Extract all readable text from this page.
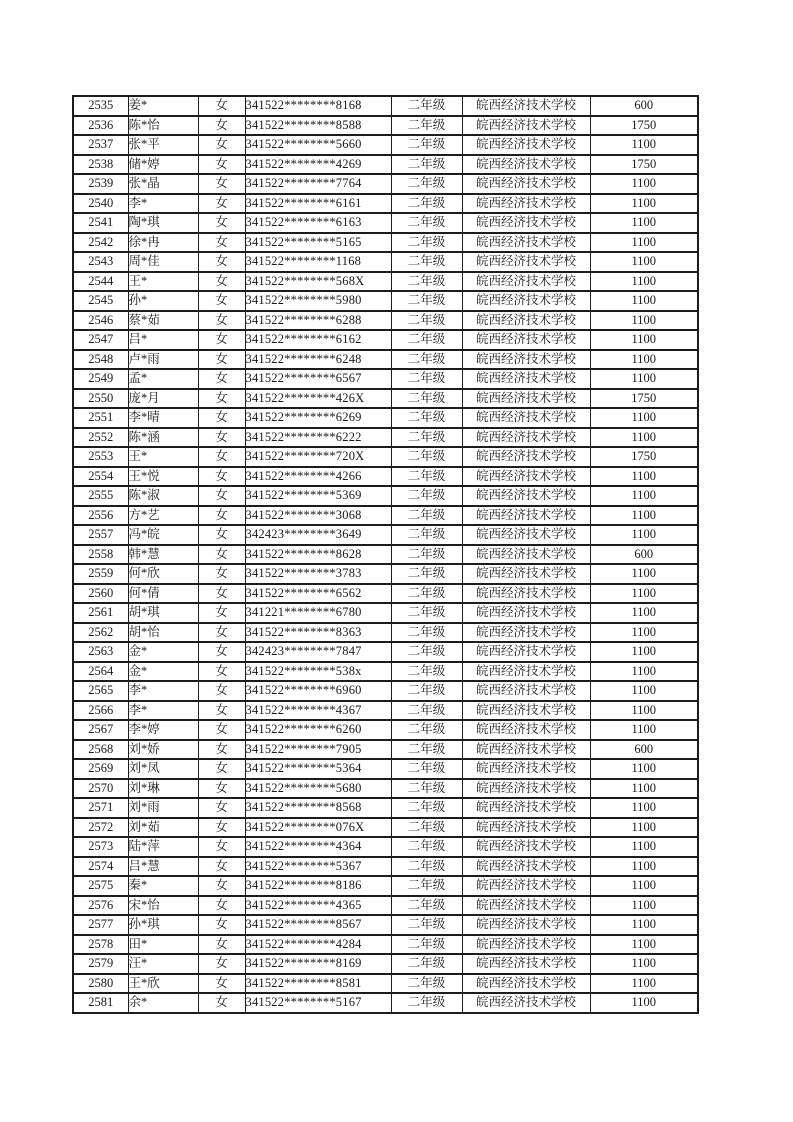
2535	姜*	女	341522********8168	二年级	皖西经济技术学校	600
2536	陈*怡	女	341522********8588	二年级	皖西经济技术学校	1750
2537	张*平	女	341522********5660	二年级	皖西经济技术学校	1100
2538	储*婷	女	341522********4269	二年级	皖西经济技术学校	1750
2539	张*晶	女	341522********7764	二年级	皖西经济技术学校	1100
2540	李*	女	341522********6161	二年级	皖西经济技术学校	1100
2541	陶*琪	女	341522********6163	二年级	皖西经济技术学校	1100
2542	徐*冉	女	341522********5165	二年级	皖西经济技术学校	1100
2543	周*佳	女	341522********1168	二年级	皖西经济技术学校	1100
2544	王*	女	341522********568X	二年级	皖西经济技术学校	1100
2545	孙*	女	341522********5980	二年级	皖西经济技术学校	1100
2546	蔡*茹	女	341522********6288	二年级	皖西经济技术学校	1100
2547	吕*	女	341522********6162	二年级	皖西经济技术学校	1100
2548	卢*雨	女	341522********6248	二年级	皖西经济技术学校	1100
2549	孟*	女	341522********6567	二年级	皖西经济技术学校	1100
2550	庞*月	女	341522********426X	二年级	皖西经济技术学校	1750
2551	李*晴	女	341522********6269	二年级	皖西经济技术学校	1100
2552	陈*涵	女	341522********6222	二年级	皖西经济技术学校	1100
2553	王*	女	341522********720X	二年级	皖西经济技术学校	1750
2554	王*悦	女	341522********4266	二年级	皖西经济技术学校	1100
2555	陈*淑	女	341522********5369	二年级	皖西经济技术学校	1100
2556	方*艺	女	341522********3068	二年级	皖西经济技术学校	1100
2557	冯*皖	女	342423********3649	二年级	皖西经济技术学校	1100
2558	韩*慧	女	341522********8628	二年级	皖西经济技术学校	600
2559	何*欣	女	341522********3783	二年级	皖西经济技术学校	1100
2560	何*倩	女	341522********6562	二年级	皖西经济技术学校	1100
2561	胡*琪	女	341221********6780	二年级	皖西经济技术学校	1100
2562	胡*怡	女	341522********8363	二年级	皖西经济技术学校	1100
2563	金*	女	342423********7847	二年级	皖西经济技术学校	1100
2564	金*	女	341522********538x	二年级	皖西经济技术学校	1100
2565	李*	女	341522********6960	二年级	皖西经济技术学校	1100
2566	李*	女	341522********4367	二年级	皖西经济技术学校	1100
2567	李*婷	女	341522********6260	二年级	皖西经济技术学校	1100
2568	刘*娇	女	341522********7905	二年级	皖西经济技术学校	600
2569	刘*凤	女	341522********5364	二年级	皖西经济技术学校	1100
2570	刘*琳	女	341522********5680	二年级	皖西经济技术学校	1100
2571	刘*雨	女	341522********8568	二年级	皖西经济技术学校	1100
2572	刘*茹	女	341522********076X	二年级	皖西经济技术学校	1100
2573	陆*萍	女	341522********4364	二年级	皖西经济技术学校	1100
2574	吕*慧	女	341522********5367	二年级	皖西经济技术学校	1100
2575	秦*	女	341522********8186	二年级	皖西经济技术学校	1100
2576	宋*怡	女	341522********4365	二年级	皖西经济技术学校	1100
2577	孙*琪	女	341522********8567	二年级	皖西经济技术学校	1100
2578	田*	女	341522********4284	二年级	皖西经济技术学校	1100
2579	汪*	女	341522********8169	二年级	皖西经济技术学校	1100
2580	王*欣	女	341522********8581	二年级	皖西经济技术学校	1100
2581	余*	女	341522********5167	二年级	皖西经济技术学校	1100
